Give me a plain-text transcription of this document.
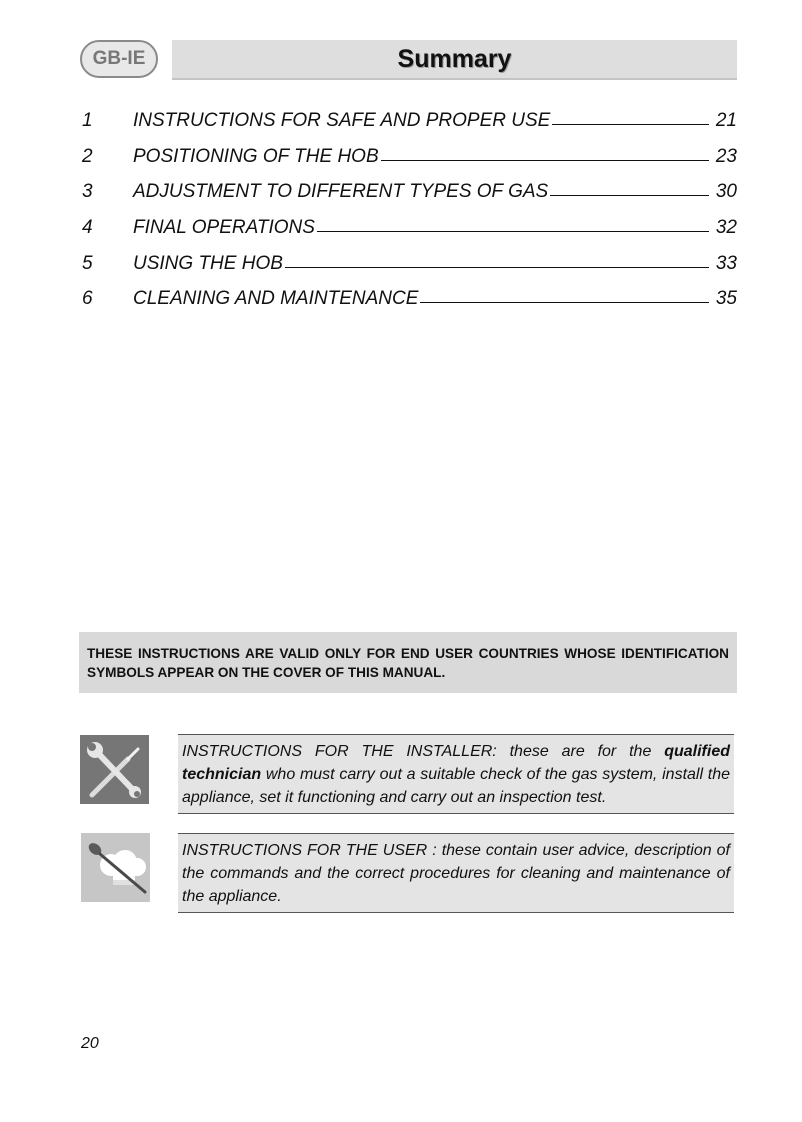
GB-IE	Summary
1	INSTRUCTIONS FOR SAFE AND PROPER USE	21
2	POSITIONING OF THE HOB	23
3	ADJUSTMENT TO DIFFERENT TYPES OF GAS	30
4	FINAL OPERATIONS	32
5	USING THE HOB	33
6	CLEANING AND MAINTENANCE	35
THESE INSTRUCTIONS ARE VALID ONLY FOR END USER COUNTRIES WHOSE IDENTIFICATION SYMBOLS APPEAR ON THE COVER OF THIS MANUAL.
INSTRUCTIONS FOR THE INSTALLER: these are for the qualified technician who must carry out a suitable check of the gas system, install the appliance, set it functioning and carry out an inspection test.
INSTRUCTIONS FOR THE USER : these contain user advice, description of the commands and the correct procedures for cleaning and maintenance of the appliance.
20
